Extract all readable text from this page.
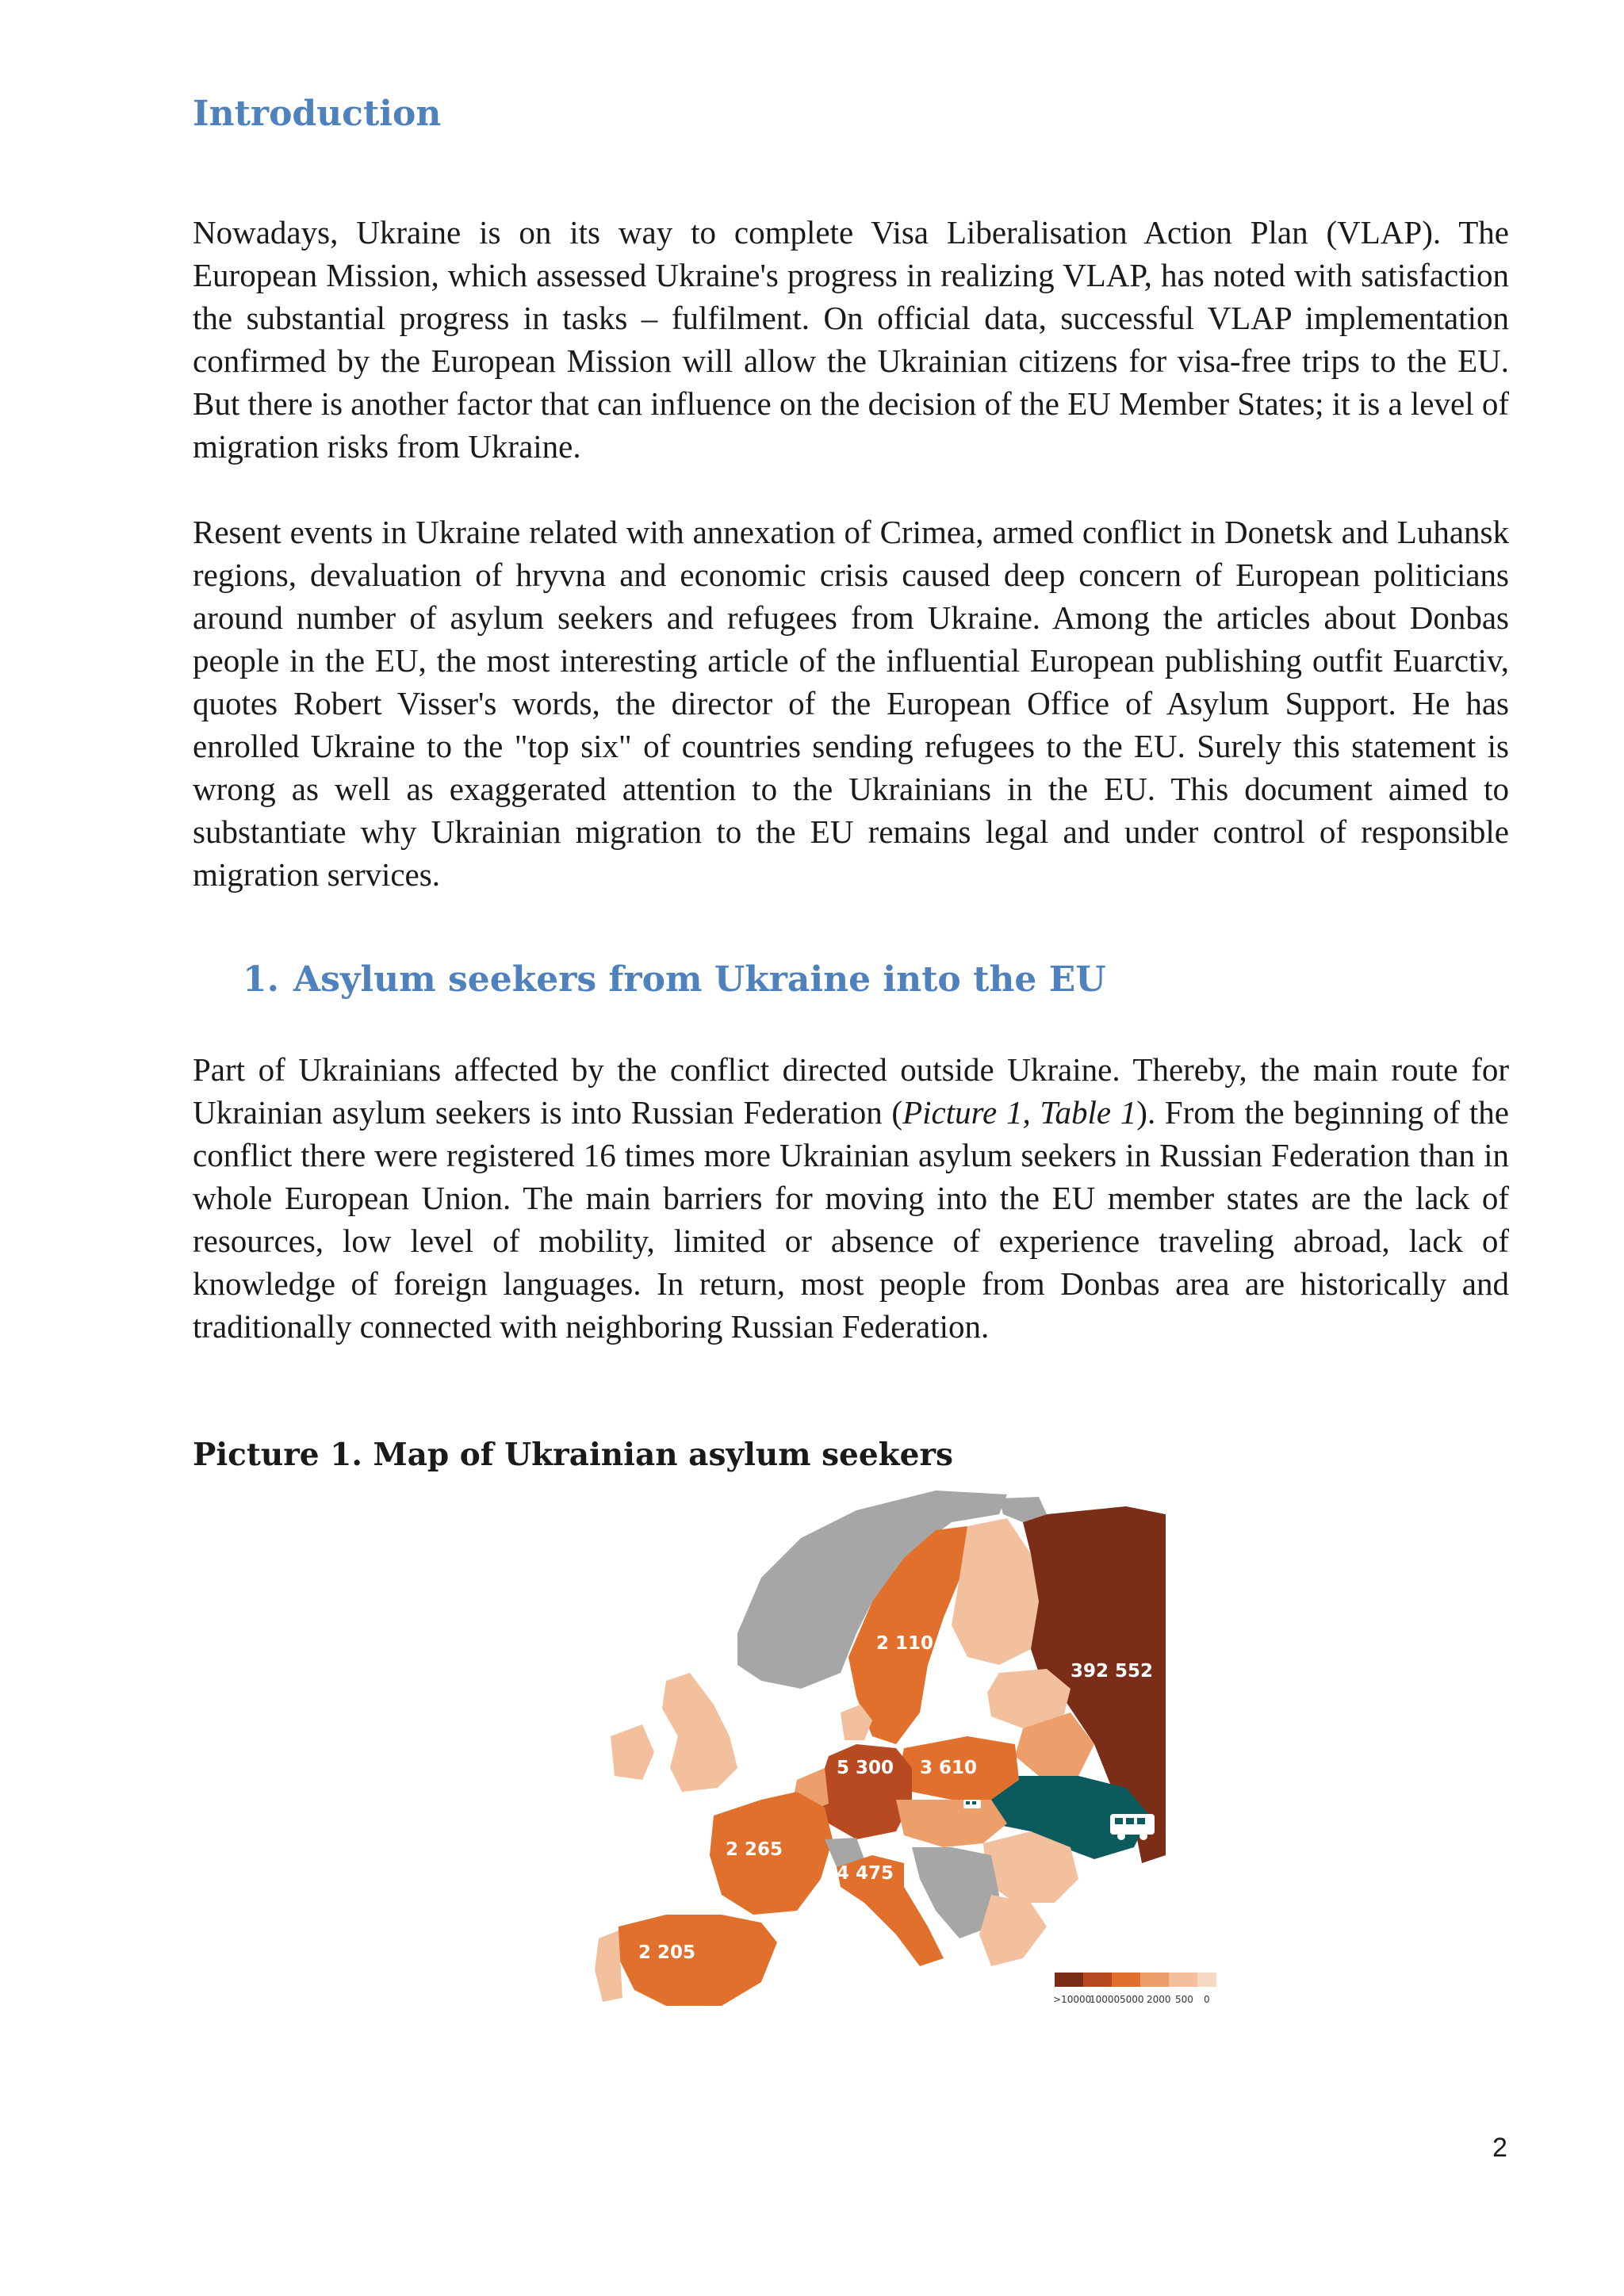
Introduction

Nowadays, Ukraine is on its way to complete Visa Liberalisation Action Plan (VLAP). The European Mission, which assessed Ukraine's progress in realizing VLAP, has noted with satisfaction the substantial progress in tasks – fulfilment. On official data, successful VLAP implementation confirmed by the European Mission will allow the Ukrainian citizens for visa-free trips to the EU. But there is another factor that can influence on the decision of the EU Member States; it is a level of migration risks from Ukraine.

Resent events in Ukraine related with annexation of Crimea, armed conflict in Donetsk and Luhansk regions, devaluation of hryvna and economic crisis caused deep concern of European politicians around number of asylum seekers and refugees from Ukraine. Among the articles about Donbas people in the EU, the most interesting article of the influential European publishing outfit Euarctiv, quotes Robert Visser's words, the director of the European Office of Asylum Support. He has enrolled Ukraine to the "top six" of countries sending refugees to the EU. Surely this statement is wrong as well as exaggerated attention to the Ukrainians in the EU. This document aimed to substantiate why Ukrainian migration to the EU remains legal and under control of responsible migration services.

1. Asylum seekers from Ukraine into the EU

Part of Ukrainians affected by the conflict directed outside Ukraine. Thereby, the main route for Ukrainian asylum seekers is into Russian Federation (Picture 1, Table 1). From the beginning of the conflict there were registered 16 times more Ukrainian asylum seekers in Russian Federation than in whole European Union. The main barriers for moving into the EU member states are the lack of resources, low level of mobility, limited or absence of experience traveling abroad, lack of knowledge of foreign languages. In return, most people from Donbas area are historically and traditionally connected with neighboring Russian Federation.

Picture 1. Map of Ukrainian asylum seekers

392 552
5 300 3 610
2 110
2 265
4 475
2 205
>10000
10000 5000 2000 500 0

2
